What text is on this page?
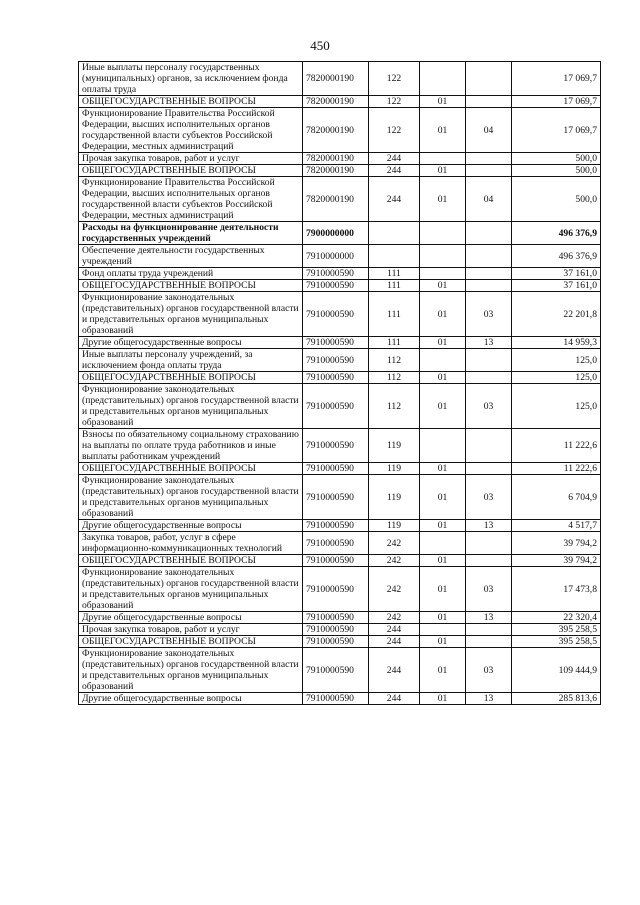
450
Иные выплаты персоналу государственных (муниципальных) органов, за исключением фонда оплаты труда	7820000190	122			17 069,7
ОБЩЕГОСУДАРСТВЕННЫЕ ВОПРОСЫ	7820000190	122	01		17 069,7
Функционирование Правительства Российской Федерации, высших исполнительных органов государственной власти субъектов Российской Федерации, местных администраций	7820000190	122	01	04	17 069,7
Прочая закупка товаров, работ и услуг	7820000190	244			500,0
ОБЩЕГОСУДАРСТВЕННЫЕ ВОПРОСЫ	7820000190	244	01		500,0
Функционирование Правительства Российской Федерации, высших исполнительных органов государственной власти субъектов Российской Федерации, местных администраций	7820000190	244	01	04	500,0
Расходы на функционирование деятельности государственных учреждений	7900000000				496 376,9
Обеспечение деятельности государственных учреждений	7910000000				496 376,9
Фонд оплаты труда учреждений	7910000590	111			37 161,0
ОБЩЕГОСУДАРСТВЕННЫЕ ВОПРОСЫ	7910000590	111	01		37 161,0
Функционирование законодательных (представительных) органов государственной власти и представительных органов муниципальных образований	7910000590	111	01	03	22 201,8
Другие общегосударственные вопросы	7910000590	111	01	13	14 959,3
Иные выплаты персоналу учреждений, за исключением фонда оплаты труда	7910000590	112			125,0
ОБЩЕГОСУДАРСТВЕННЫЕ ВОПРОСЫ	7910000590	112	01		125,0
Функционирование законодательных (представительных) органов государственной власти и представительных органов муниципальных образований	7910000590	112	01	03	125,0
Взносы по обязательному социальному страхованию на выплаты по оплате труда работников и иные выплаты работникам учреждений	7910000590	119			11 222,6
ОБЩЕГОСУДАРСТВЕННЫЕ ВОПРОСЫ	7910000590	119	01		11 222,6
Функционирование законодательных (представительных) органов государственной власти и представительных органов муниципальных образований	7910000590	119	01	03	6 704,9
Другие общегосударственные вопросы	7910000590	119	01	13	4 517,7
Закупка товаров, работ, услуг в сфере информационно-коммуникационных технологий	7910000590	242			39 794,2
ОБЩЕГОСУДАРСТВЕННЫЕ ВОПРОСЫ	7910000590	242	01		39 794,2
Функционирование законодательных (представительных) органов государственной власти и представительных органов муниципальных образований	7910000590	242	01	03	17 473,8
Другие общегосударственные вопросы	7910000590	242	01	13	22 320,4
Прочая закупка товаров, работ и услуг	7910000590	244			395 258,5
ОБЩЕГОСУДАРСТВЕННЫЕ ВОПРОСЫ	7910000590	244	01		395 258,5
Функционирование законодательных (представительных) органов государственной власти и представительных органов муниципальных образований	7910000590	244	01	03	109 444,9
Другие общегосударственные вопросы	7910000590	244	01	13	285 813,6
